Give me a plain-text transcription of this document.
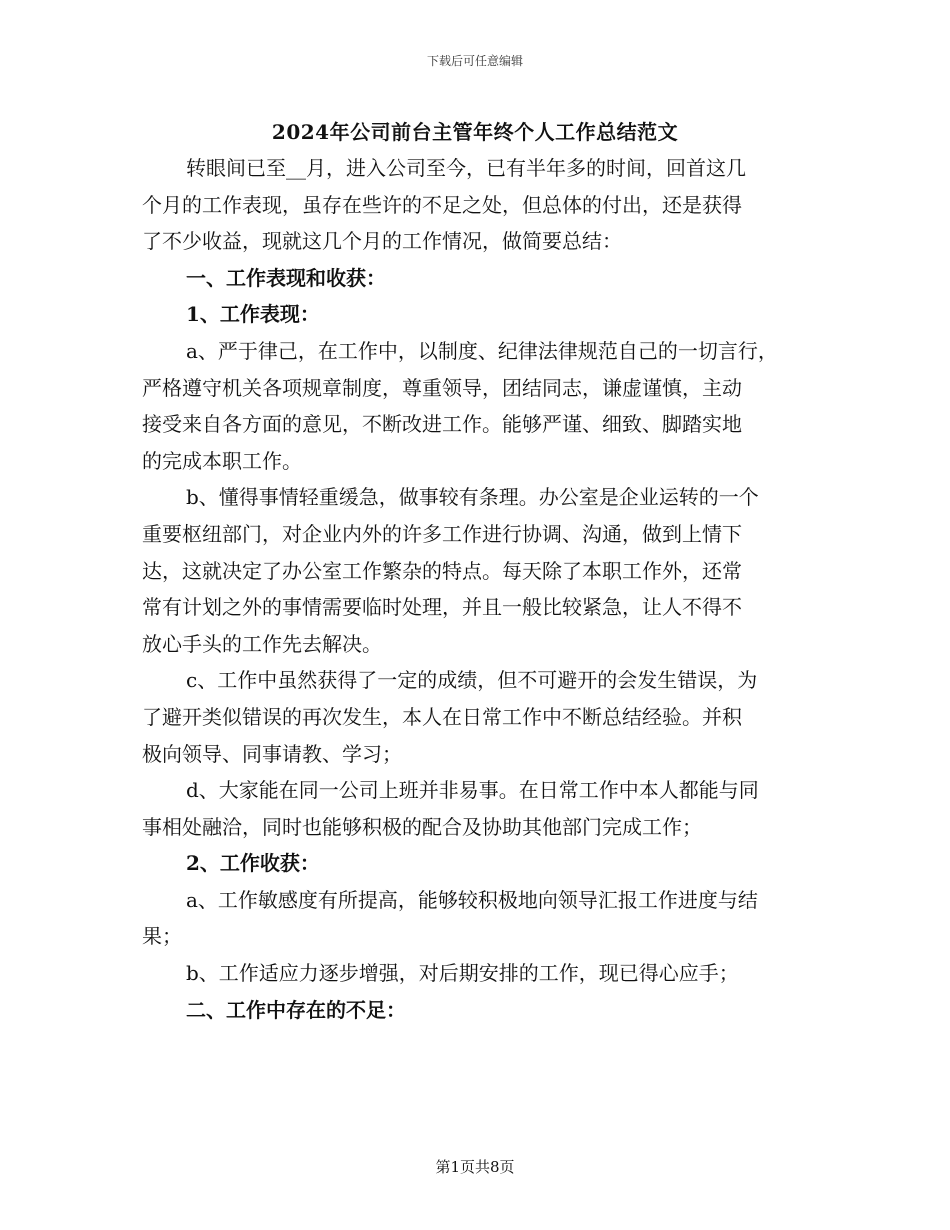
下载后可任意编辑
2024年公司前台主管年终个人工作总结范文
转眼间已至__月，进入公司至今，已有半年多的时间，回首这几
个月的工作表现，虽存在些许的不足之处，但总体的付出，还是获得
了不少收益，现就这几个月的工作情况，做简要总结：
一、工作表现和收获：
1、工作表现：
a、严于律己，在工作中，以制度、纪律法律规范自己的一切言行，
严格遵守机关各项规章制度，尊重领导，团结同志，谦虚谨慎，主动
接受来自各方面的意见，不断改进工作。能够严谨、细致、脚踏实地
的完成本职工作。
b、懂得事情轻重缓急，做事较有条理。办公室是企业运转的一个
重要枢纽部门，对企业内外的许多工作进行协调、沟通，做到上情下
达，这就决定了办公室工作繁杂的特点。每天除了本职工作外，还常
常有计划之外的事情需要临时处理，并且一般比较紧急，让人不得不
放心手头的工作先去解决。
c、工作中虽然获得了一定的成绩，但不可避开的会发生错误，为
了避开类似错误的再次发生，本人在日常工作中不断总结经验。并积
极向领导、同事请教、学习；
d、大家能在同一公司上班并非易事。在日常工作中本人都能与同
事相处融洽，同时也能够积极的配合及协助其他部门完成工作；
2、工作收获：
a、工作敏感度有所提高，能够较积极地向领导汇报工作进度与结
果；
b、工作适应力逐步增强，对后期安排的工作，现已得心应手；
二、工作中存在的不足：
第1页共8页
